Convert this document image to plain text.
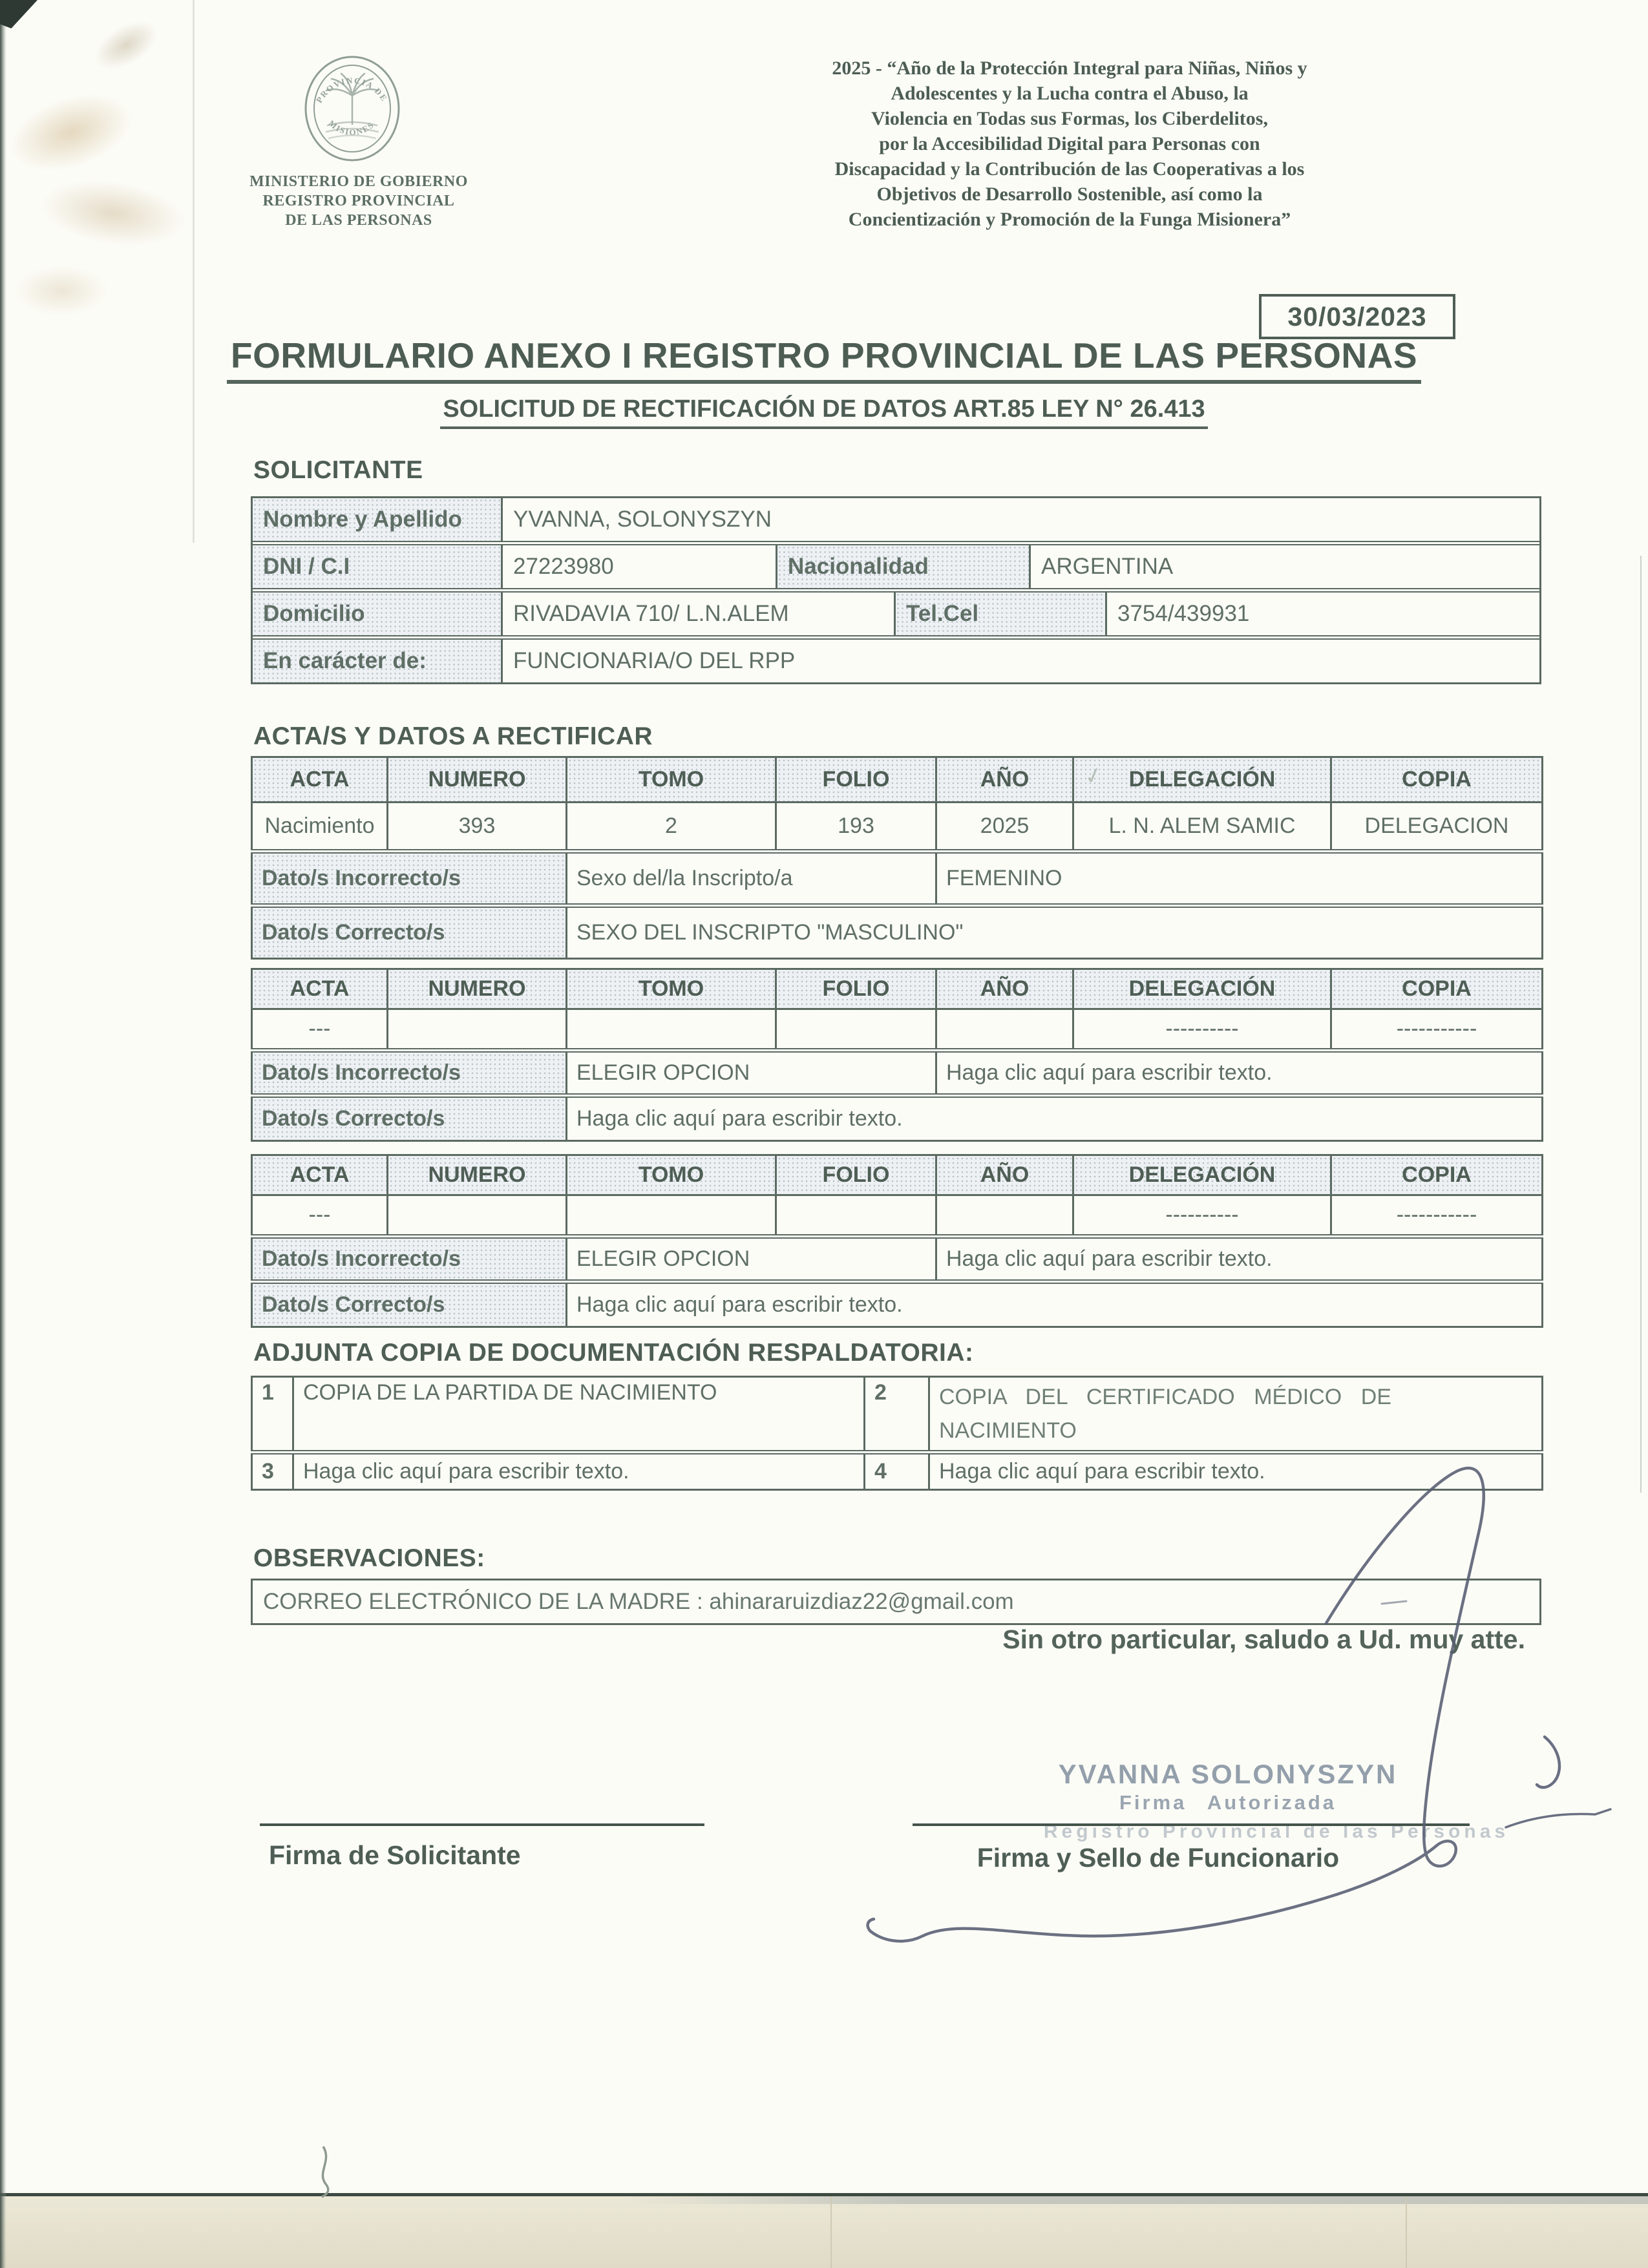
PROVINCIA DE
MISIONES
MINISTERIO DE GOBIERNO
REGISTRO PROVINCIAL
DE LAS PERSONAS
2025 - “Año de la Protección Integral para Niñas, Niños y
Adolescentes y la Lucha contra el Abuso, la
Violencia en Todas sus Formas, los Ciberdelitos,
por la Accesibilidad Digital para Personas con
Discapacidad y la Contribución de las Cooperativas a los
Objetivos de Desarrollo Sostenible, así como la
Concientización y Promoción de la Funga Misionera”
30/03/2023
FORMULARIO ANEXO I REGISTRO PROVINCIAL DE LAS PERSONAS
SOLICITUD DE RECTIFICACIÓN DE DATOS ART.85 LEY N° 26.413
SOLICITANTE
Nombre y Apellido	YVANNA, SOLONYSZYN
DNI / C.I	27223980	Nacionalidad	ARGENTINA
Domicilio	RIVADAVIA 710/ L.N.ALEM	Tel.Cel	3754/439931
En carácter de:	FUNCIONARIA/O DEL RPP
ACTA/S Y DATOS A RECTIFICAR
ACTA	NUMERO	TOMO	FOLIO	AÑO	✓ DELEGACIÓN	COPIA
Nacimiento	393	2	193	2025	L. N. ALEM SAMIC	DELEGACION
Dato/s Incorrecto/s		Sexo del/la Inscripto/a		FEMENINO		
Dato/s Correcto/s		SEXO DEL INSCRIPTO "MASCULINO"				
ACTA	NUMERO	TOMO	FOLIO	AÑO	DELEGACIÓN	COPIA
---					----------	-----------
Dato/s Incorrecto/s		ELEGIR OPCION		Haga clic aquí para escribir texto.		
Dato/s Correcto/s		Haga clic aquí para escribir texto.				
ACTA	NUMERO	TOMO	FOLIO	AÑO	DELEGACIÓN	COPIA
---					----------	-----------
Dato/s Incorrecto/s		ELEGIR OPCION		Haga clic aquí para escribir texto.		
Dato/s Correcto/s		Haga clic aquí para escribir texto.				
ADJUNTA COPIA DE DOCUMENTACIÓN RESPALDATORIA:
1	COPIA DE LA PARTIDA DE NACIMIENTO	2	COPIA DEL CERTIFICADO MÉDICO DE NACIMIENTO

3	Haga clic aquí para escribir texto.	4	Haga clic aquí para escribir texto.
OBSERVACIONES:
CORREO ELECTRÓNICO DE LA MADRE : ahinararuizdiaz22@gmail.com
Sin otro particular, saludo a Ud. muy atte.
YVANNA SOLONYSZYN
Firma Autorizada
Registro Provincial de las Personas
Firma de Solicitante	Firma y Sello de Funcionario
